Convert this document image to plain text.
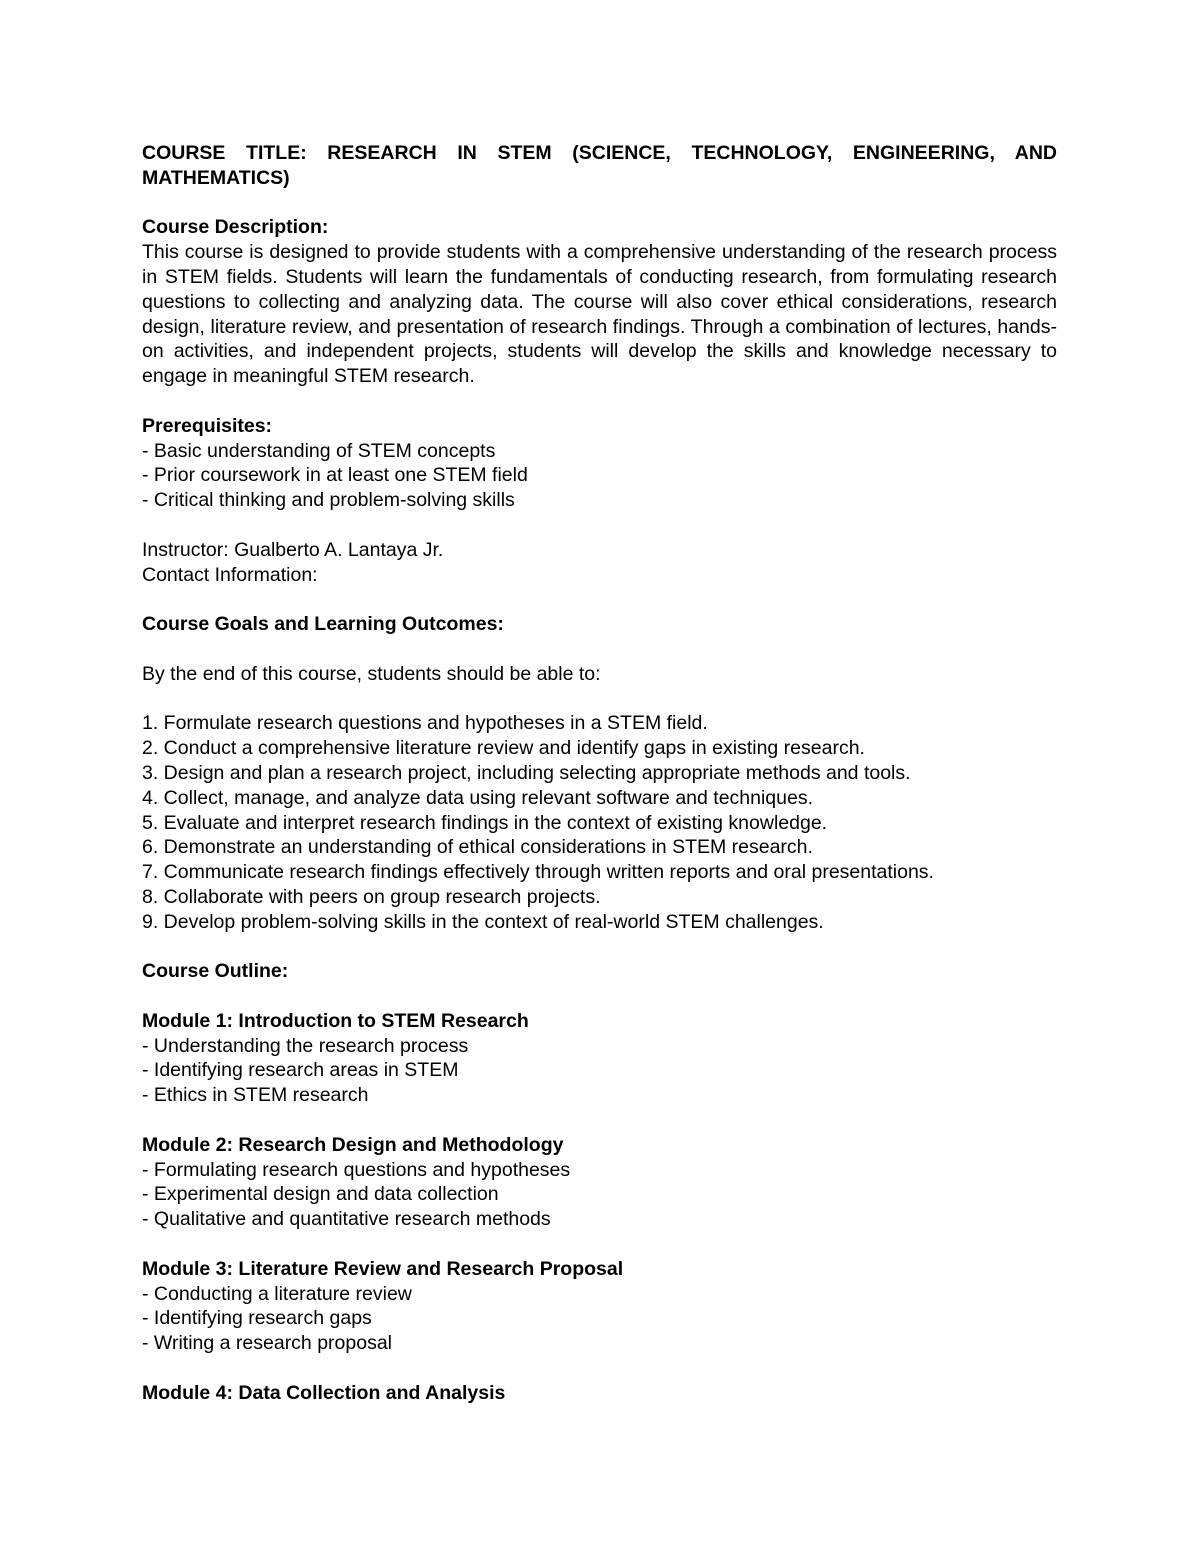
COURSE TITLE: RESEARCH IN STEM (SCIENCE, TECHNOLOGY, ENGINEERING, AND
MATHEMATICS)
Course Description:
This course is designed to provide students with a comprehensive understanding of the research process in STEM fields. Students will learn the fundamentals of conducting research, from formulating research questions to collecting and analyzing data. The course will also cover ethical considerations, research design, literature review, and presentation of research findings. Through a combination of lectures, hands-on activities, and independent projects, students will develop the skills and knowledge necessary to engage in meaningful STEM research.
Prerequisites:
- Basic understanding of STEM concepts
- Prior coursework in at least one STEM field
- Critical thinking and problem-solving skills
Instructor: Gualberto A. Lantaya Jr.
Contact Information:
Course Goals and Learning Outcomes:
By the end of this course, students should be able to:
1. Formulate research questions and hypotheses in a STEM field.
2. Conduct a comprehensive literature review and identify gaps in existing research.
3. Design and plan a research project, including selecting appropriate methods and tools.
4. Collect, manage, and analyze data using relevant software and techniques.
5. Evaluate and interpret research findings in the context of existing knowledge.
6. Demonstrate an understanding of ethical considerations in STEM research.
7. Communicate research findings effectively through written reports and oral presentations.
8. Collaborate with peers on group research projects.
9. Develop problem-solving skills in the context of real-world STEM challenges.
Course Outline:
Module 1: Introduction to STEM Research
- Understanding the research process
- Identifying research areas in STEM
- Ethics in STEM research
Module 2: Research Design and Methodology
- Formulating research questions and hypotheses
- Experimental design and data collection
- Qualitative and quantitative research methods
Module 3: Literature Review and Research Proposal
- Conducting a literature review
- Identifying research gaps
- Writing a research proposal
Module 4: Data Collection and Analysis
